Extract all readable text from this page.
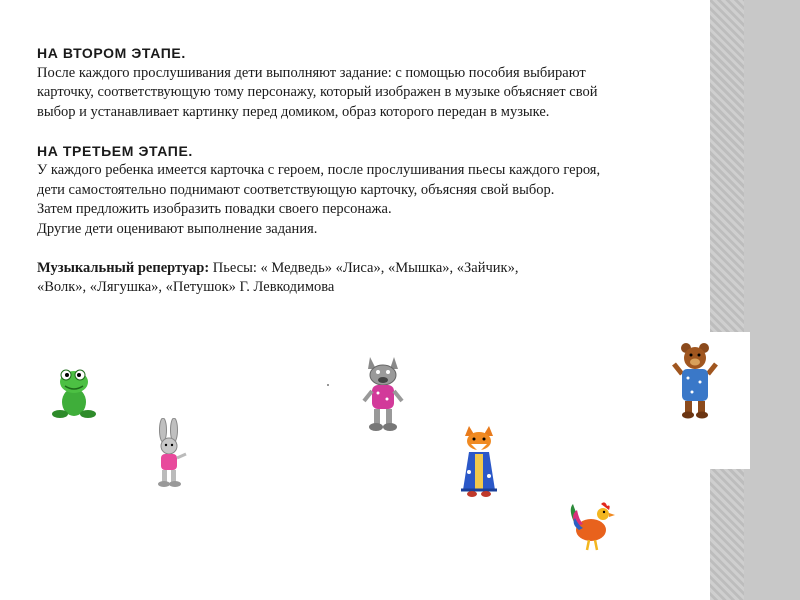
НА ВТОРОМ ЭТАПЕ.
После каждого прослушивания дети выполняют задание: с помощью пособия выбирают
карточку, соответствующую тому персонажу, который изображен в музыке объясняет свой
выбор и устанавливает картинку перед домиком, образ которого передан в музыке.
НА ТРЕТЬЕМ ЭТАПЕ.
У каждого ребенка имеется карточка с героем, после прослушивания пьесы каждого героя,
дети самостоятельно поднимают соответствующую карточку, объясняя свой выбор.
Затем предложить изобразить повадки своего персонажа.
Другие дети оценивают выполнение задания.
Музыкальный репертуар: Пьесы: « Медведь» «Лиса», «Мышка», «Зайчик»,
«Волк», «Лягушка», «Петушок» Г. Левкодимова
